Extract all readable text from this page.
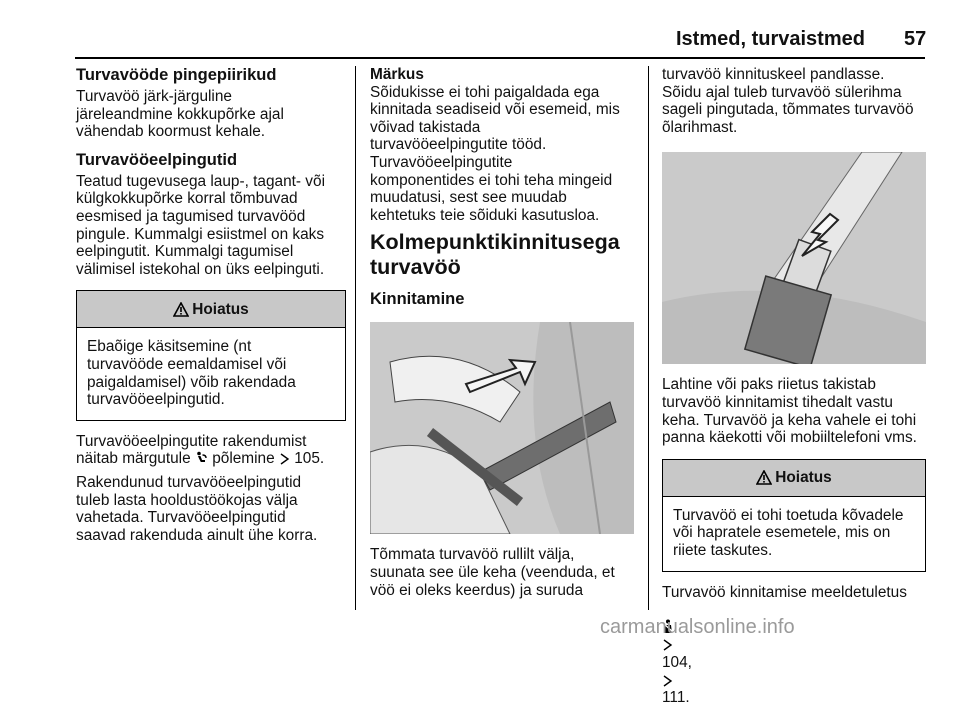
Istmed, turvaistmed 57
Turvavööde pingepiirikud
Turvavöö järk-järguline
järeleandmine kokkupõrke ajal
vähendab koormust kehale.
Turvavööeelpingutid
Teatud tugevusega laup-, tagant- või
külgkokkupõrke korral tõmbuvad
eesmised ja tagumised turvavööd
pingule. Kummalgi esiistmel on kaks
eelpingutit. Kummalgi tagumisel
välimisel istekohal on üks eelpinguti.
Hoiatus
Ebaõige käsitsemine (nt
turvavööde eemaldamisel või
paigaldamisel) võib rakendada
turvavööeelpingutid.
Turvavööeelpingutite rakendumist
näitab märgutule  põlemine  105.
Rakendunud turvavööeelpingutid
tuleb lasta hooldustöökojas välja
vahetada. Turvavööeelpingutid
saavad rakenduda ainult ühe korra.
Märkus
Sõidukisse ei tohi paigaldada ega
kinnitada seadiseid või esemeid, mis
võivad takistada
turvavööeelpingutite tööd.
Turvavööeelpingutite
komponentides ei tohi teha mingeid
muudatusi, sest see muudab
kehtetuks teie sõiduki kasutusloa.
Kolmepunktikinnitusega
turvavöö
Kinnitamine
Tõmmata turvavöö rullilt välja,
suunata see üle keha (veenduda, et
vöö ei oleks keerdus) ja suruda
turvavöö kinnituskeel pandlasse.
Sõidu ajal tuleb turvavöö sülerihma
sageli pingutada, tõmmates turvavöö
õlarihmast.
Lahtine või paks riietus takistab
turvavöö kinnitamist tihedalt vastu
keha. Turvavöö ja keha vahele ei tohi
panna käekotti või mobiiltelefoni vms.
Hoiatus
Turvavöö ei tohi toetuda kõvadele
või hapratele esemetele, mis on
riiete taskutes.
Turvavöö kinnitamise meeldetuletus

104,

111.

carmanualsonline.info
